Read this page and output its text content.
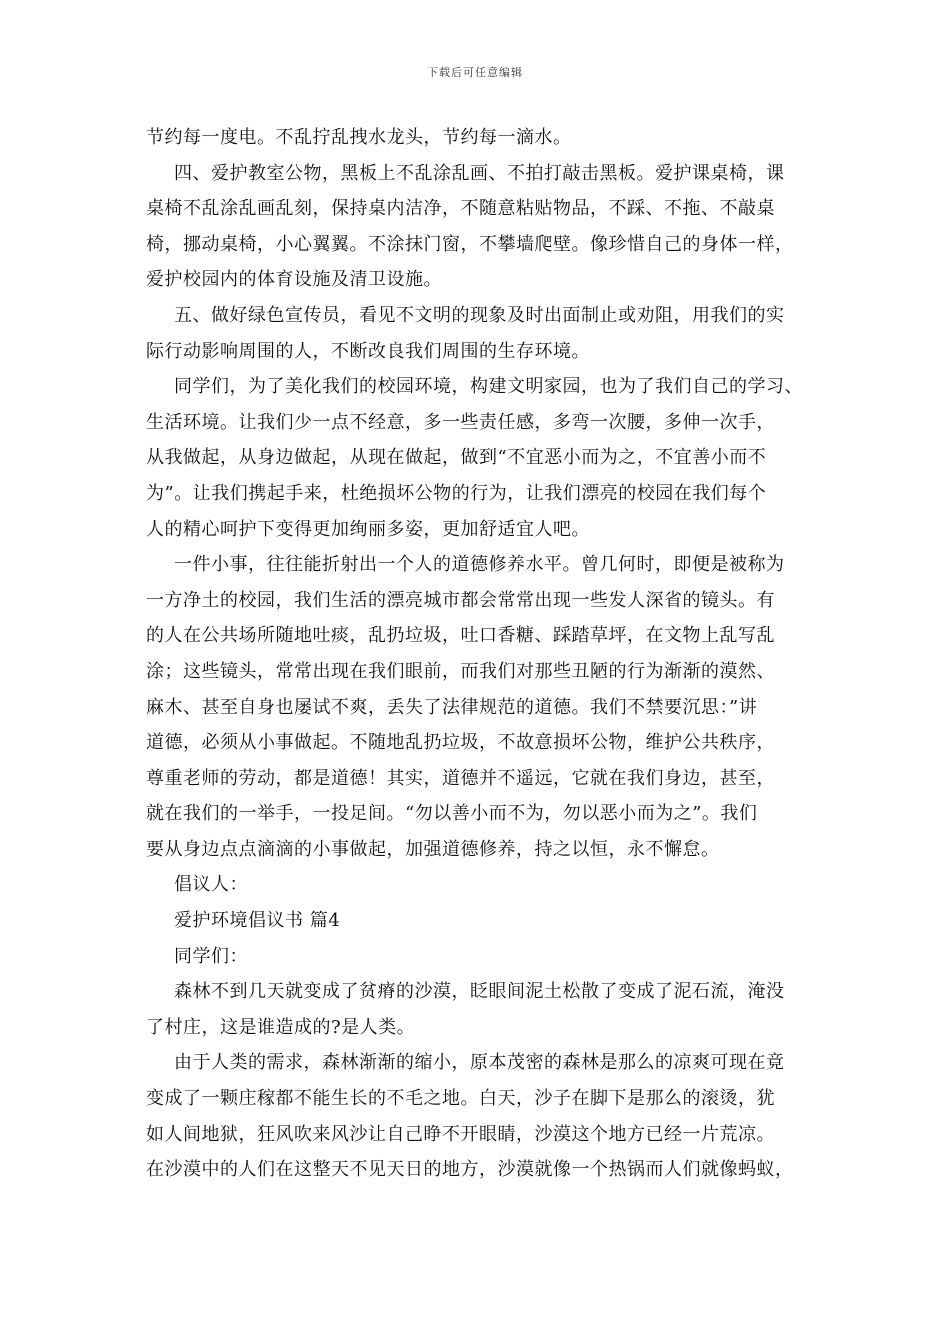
下载后可任意编辑
节约每一度电。不乱拧乱拽水龙头，节约每一滴水。
四、爱护教室公物，黑板上不乱涂乱画、不拍打敲击黑板。爱护课桌椅，课
桌椅不乱涂乱画乱刻，保持桌内洁净，不随意粘贴物品，不踩、不拖、不敲桌
椅，挪动桌椅，小心翼翼。不涂抹门窗，不攀墙爬壁。像珍惜自己的身体一样，
爱护校园内的体育设施及清卫设施。
五、做好绿色宣传员，看见不文明的现象及时出面制止或劝阻，用我们的实
际行动影响周围的人，不断改良我们周围的生存环境。
同学们，为了美化我们的校园环境，构建文明家园，也为了我们自己的学习、
生活环境。让我们少一点不经意，多一些责任感，多弯一次腰，多伸一次手，
从我做起，从身边做起，从现在做起，做到“不宜恶小而为之，不宜善小而不
为”。让我们携起手来，杜绝损坏公物的行为，让我们漂亮的校园在我们每个
人的精心呵护下变得更加绚丽多姿，更加舒适宜人吧。
一件小事，往往能折射出一个人的道德修养水平。曾几何时，即便是被称为
一方净土的校园，我们生活的漂亮城市都会常常出现一些发人深省的镜头。有
的人在公共场所随地吐痰，乱扔垃圾，吐口香糖、踩踏草坪，在文物上乱写乱
涂；这些镜头，常常出现在我们眼前，而我们对那些丑陋的行为渐渐的漠然、
麻木、甚至自身也屡试不爽，丢失了法律规范的道德。我们不禁要沉思：”讲
道德，必须从小事做起。不随地乱扔垃圾，不故意损坏公物，维护公共秩序，
尊重老师的劳动，都是道德！其实，道德并不遥远，它就在我们身边，甚至，
就在我们的一举手，一投足间。“勿以善小而不为，勿以恶小而为之”。我们
要从身边点点滴滴的小事做起，加强道德修养，持之以恒，永不懈怠。
倡议人：
爱护环境倡议书 篇4
同学们：
森林不到几天就变成了贫瘠的沙漠，眨眼间泥土松散了变成了泥石流，淹没
了村庄，这是谁造成的?是人类。
由于人类的需求，森林渐渐的缩小，原本茂密的森林是那么的凉爽可现在竟
变成了一颗庄稼都不能生长的不毛之地。白天，沙子在脚下是那么的滚烫，犹
如人间地狱，狂风吹来风沙让自己睁不开眼睛，沙漠这个地方已经一片荒凉。
在沙漠中的人们在这整天不见天日的地方，沙漠就像一个热锅而人们就像蚂蚁，
